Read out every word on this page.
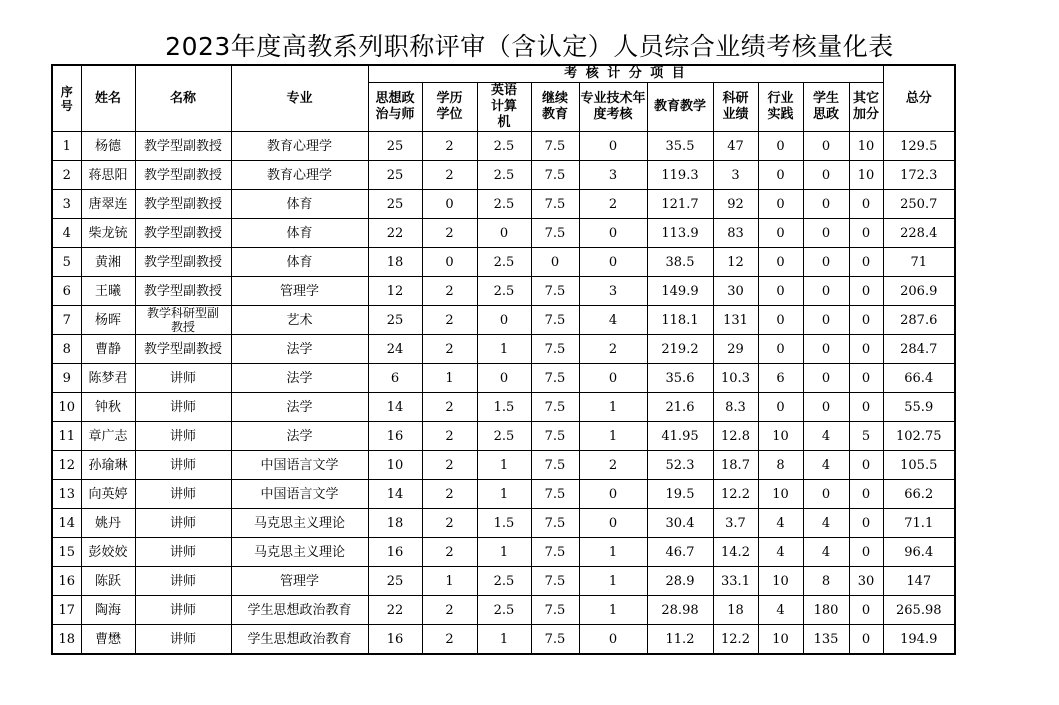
2023年度高教系列职称评审（含认定）人员综合业绩考核量化表
序号	姓名	名称	专业	考 核 计 分 项 目										总分
				思想政治与师	学历学位	英语计算机	继续教育	专业技术年度考核	教育教学	科研业绩	行业实践	学生思政	其它加分	
1	杨德	教学型副教授	教育心理学	25	2	2.5	7.5	0	35.5	47	0	0	10	129.5
2	蒋思阳	教学型副教授	教育心理学	25	2	2.5	7.5	3	119.3	3	0	0	10	172.3
3	唐翠连	教学型副教授	体育	25	0	2.5	7.5	2	121.7	92	0	0	0	250.7
4	柴龙铳	教学型副教授	体育	22	2	0	7.5	0	113.9	83	0	0	0	228.4
5	黄湘	教学型副教授	体育	18	0	2.5	0	0	38.5	12	0	0	0	71
6	王曦	教学型副教授	管理学	12	2	2.5	7.5	3	149.9	30	0	0	0	206.9
7	杨晖	教学科研型副教授	艺术	25	2	0	7.5	4	118.1	131	0	0	0	287.6
8	曹静	教学型副教授	法学	24	2	1	7.5	2	219.2	29	0	0	0	284.7
9	陈梦君	讲师	法学	6	1	0	7.5	0	35.6	10.3	6	0	0	66.4
10	钟秋	讲师	法学	14	2	1.5	7.5	1	21.6	8.3	0	0	0	55.9
11	章广志	讲师	法学	16	2	2.5	7.5	1	41.95	12.8	10	4	5	102.75
12	孙瑜琳	讲师	中国语言文学	10	2	1	7.5	2	52.3	18.7	8	4	0	105.5
13	向英婷	讲师	中国语言文学	14	2	1	7.5	0	19.5	12.2	10	0	0	66.2
14	姚丹	讲师	马克思主义理论	18	2	1.5	7.5	0	30.4	3.7	4	4	0	71.1
15	彭姣姣	讲师	马克思主义理论	16	2	1	7.5	1	46.7	14.2	4	4	0	96.4
16	陈跃	讲师	管理学	25	1	2.5	7.5	1	28.9	33.1	10	8	30	147
17	陶海	讲师	学生思想政治教育	22	2	2.5	7.5	1	28.98	18	4	180	0	265.98
18	曹懋	讲师	学生思想政治教育	16	2	1	7.5	0	11.2	12.2	10	135	0	194.9
